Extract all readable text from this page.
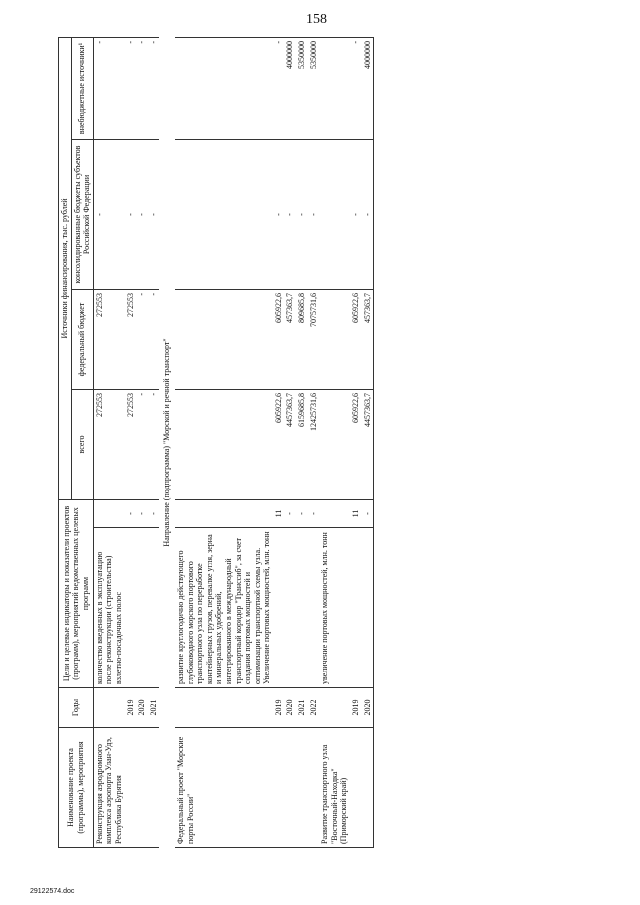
158
Наименование проекта (программы), мероприятия	Годы	Цели и целевые индикаторы и показатели проектов (программ), мероприятий ведомственных целевых программ		Источники финансирования, тыс. рублей			
				всего	федеральный бюджет	консолидированные бюджеты субъектов Российской Федерации	внебюджетные источники¹
Реконструкция аэродромного комплекса аэропорта Улан-Удэ, Республика Бурятия		количество введенных в эксплуатацию после реконструкции (строительства) взлетно-посадочных полос		272553	272553	-	-
	2019		-	272553	272553	-	-
	2020		-	-	-	-	-
	2021		-	-	-	-	-
Направление (подпрограмма) "Морской и речной транспорт"							
Федеральный проект "Морские порты России"		развитие круглогодично действующего глубоководного морского портового транспортного узла по переработке контейнерных грузов, перевалке угля, зерна и минеральных удобрений, интегрированного в международный транспортный коридор "Транссиб", за счет создания портовых мощностей и оптимизации транспортной схемы узла. Увеличение портовых мощностей, млн. тонн					
	2019		11	605922,6	605922,6	-	-
	2020		-	4457363,7	457363,7	-	4000000
	2021		-	6159685,8	809685,8	-	5350000
	2022		-	12425731,6	7075731,6	-	5350000
Развитие транспортного узла "Восточный-Находка" (Приморский край)		увеличение портовых мощностей, млн. тонн					
	2019		11	605922,6	605922,6	-	-
	2020		-	4457363,7	457363,7	-	4000000
29122574.doc
